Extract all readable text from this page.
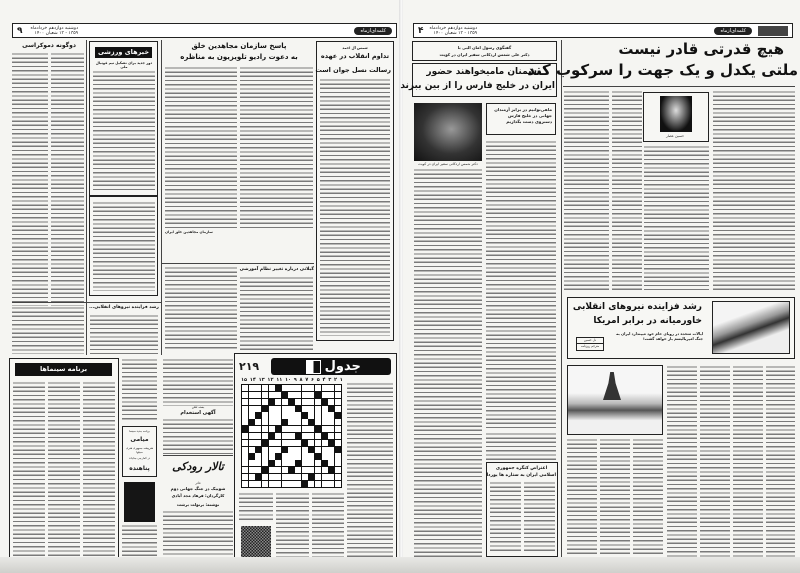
کلمه‌ای‌از‌ماه
دوشنبه دوازدهم خردادماه
۱۳۵۹ - ۱۳ شعبان ۱۴۰۰
۹
دوگونه دموکراسی
خبرهای ورزشی
دور جدید برای تشکیل تیم فوتبال ملی
رشد فزاینده نیروهای انقلابی...
پاسخ سازمان مجاهدین خلق
به دعوت رادیو تلویزیون به مناظره
سازمان مجاهدین خلق ایران
شمس آل احمد
تداوم انقلاب در عهده
رسالت نسل جوان است
گیلانی درباره تغییر نظام آموزشی
برنامه سینماها
برنامه جدید سینما
میامی
هنرپیشه جمهوری هنری سیلوا
در کمارجی جنایات
پناهنده
بسته تلفن
آگهی استخدام
تالار رودکی
تئاتر
شوبیک در جنگ جهانی دوم
کارگردان: فرهاد مجد آبادی
نوشته: برتولت برشت
جدول
۲۱۹
۱۵ ۱۴ ۱۳ ۱۲ ۱۱ ۱۰ ۹ ۸ ۷ ۶ ۵ ۴ ۳ ۲ ۱
کلمه‌ای‌از‌ماه
دوشنبه دوازدهم خردادماه
۱۳۵۹ - ۱۳ شعبان ۱۴۰۰
۴
گفتگوی رسول امان البی با
دکتر علی شمس اردکانی سفیر ایران در کویت
دشمنان مامیخواهند حضور
ایران در خلیج فارس را از بین ببرند
دکتر شمس اردکانی سفیر ایران در کویت
ماهی‌توانیم در برابر آزمندان جهانی در خلیج فارس دستروی دست بگذاریم
اعتراض کنگره جمهوری
اسلامی ایران به ستاره ها یوردا
هیچ قدرتی قادر نیست
ملتی یکدل و یک جهت را سرکوب کند
حسین عصار
رشد فزاینده نیروهای انقلابی
خاورمیانه در برابر امریکا
ایالات متحده در رویای خام خود میپندارد ایران به جنگ امپریالیسم باز خواهد گشت!
دل حسین
مترجم روزنامه
